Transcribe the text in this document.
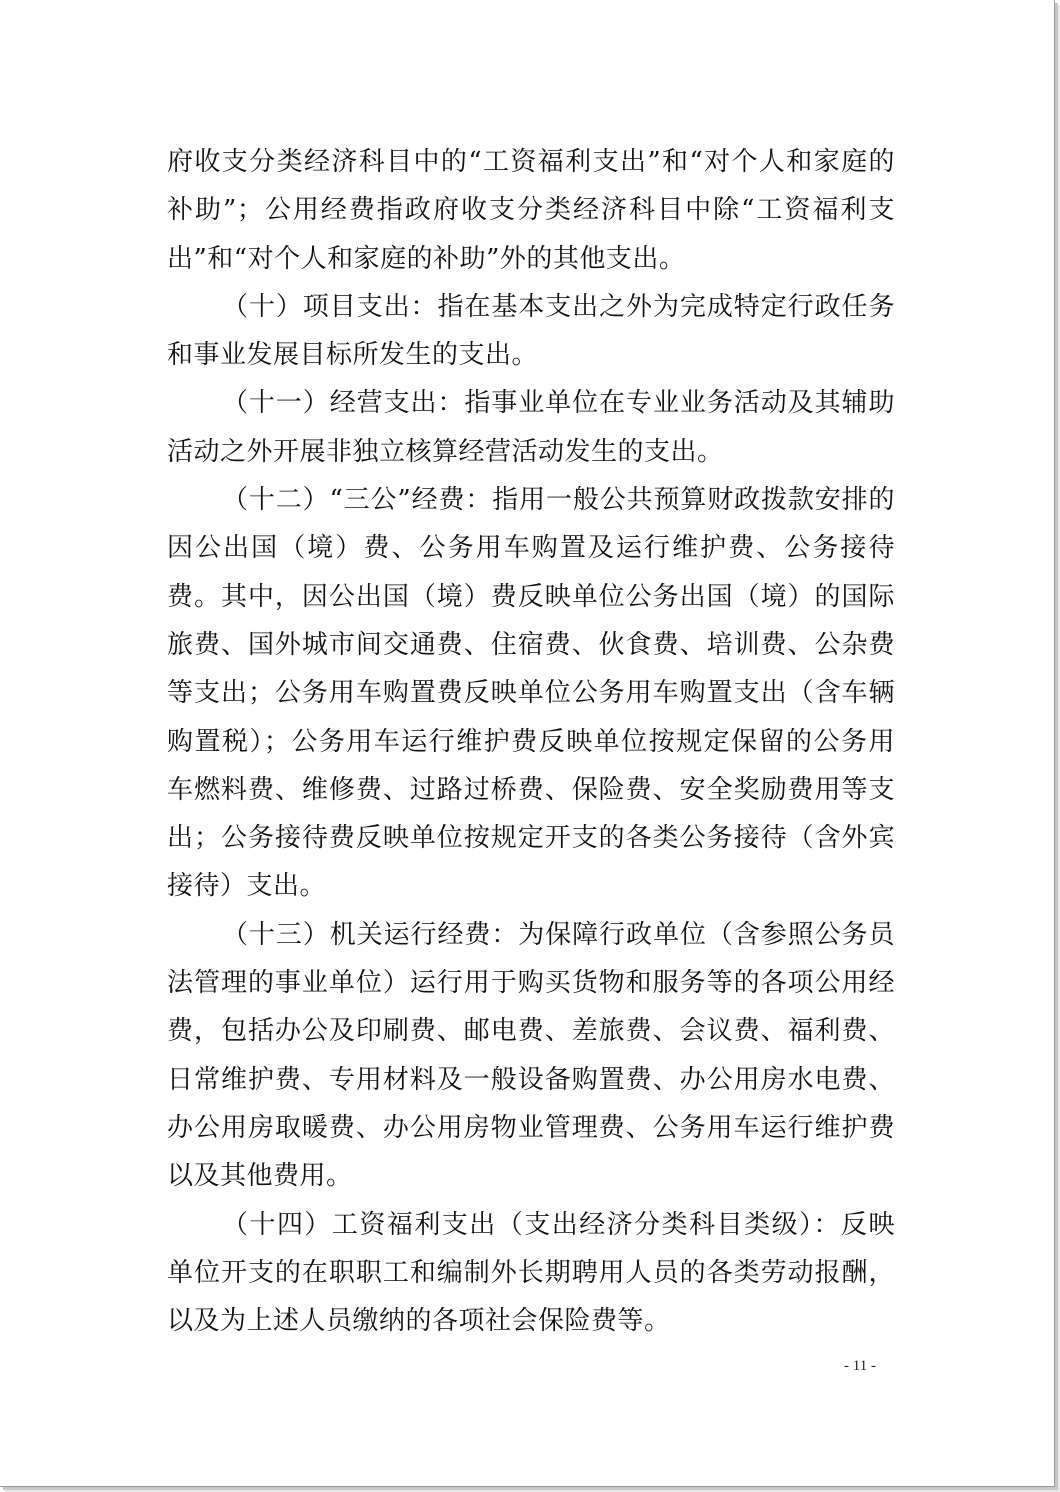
府收支分类经济科目中的“工资福利支出”和“对个人和家庭的补助”；公用经费指政府收支分类经济科目中除“工资福利支出”和“对个人和家庭的补助”外的其他支出。

（十）项目支出：指在基本支出之外为完成特定行政任务和事业发展目标所发生的支出。

（十一）经营支出：指事业单位在专业业务活动及其辅助活动之外开展非独立核算经营活动发生的支出。

（十二）“三公”经费：指用一般公共预算财政拨款安排的因公出国（境）费、公务用车购置及运行维护费、公务接待费。其中，因公出国（境）费反映单位公务出国（境）的国际旅费、国外城市间交通费、住宿费、伙食费、培训费、公杂费等支出；公务用车购置费反映单位公务用车购置支出（含车辆购置税）；公务用车运行维护费反映单位按规定保留的公务用车燃料费、维修费、过路过桥费、保险费、安全奖励费用等支出；公务接待费反映单位按规定开支的各类公务接待（含外宾接待）支出。

（十三）机关运行经费：为保障行政单位（含参照公务员法管理的事业单位）运行用于购买货物和服务等的各项公用经费，包括办公及印刷费、邮电费、差旅费、会议费、福利费、日常维护费、专用材料及一般设备购置费、办公用房水电费、办公用房取暖费、办公用房物业管理费、公务用车运行维护费以及其他费用。

（十四）工资福利支出（支出经济分类科目类级）：反映单位开支的在职职工和编制外长期聘用人员的各类劳动报酬，以及为上述人员缴纳的各项社会保险费等。

- 11 -
